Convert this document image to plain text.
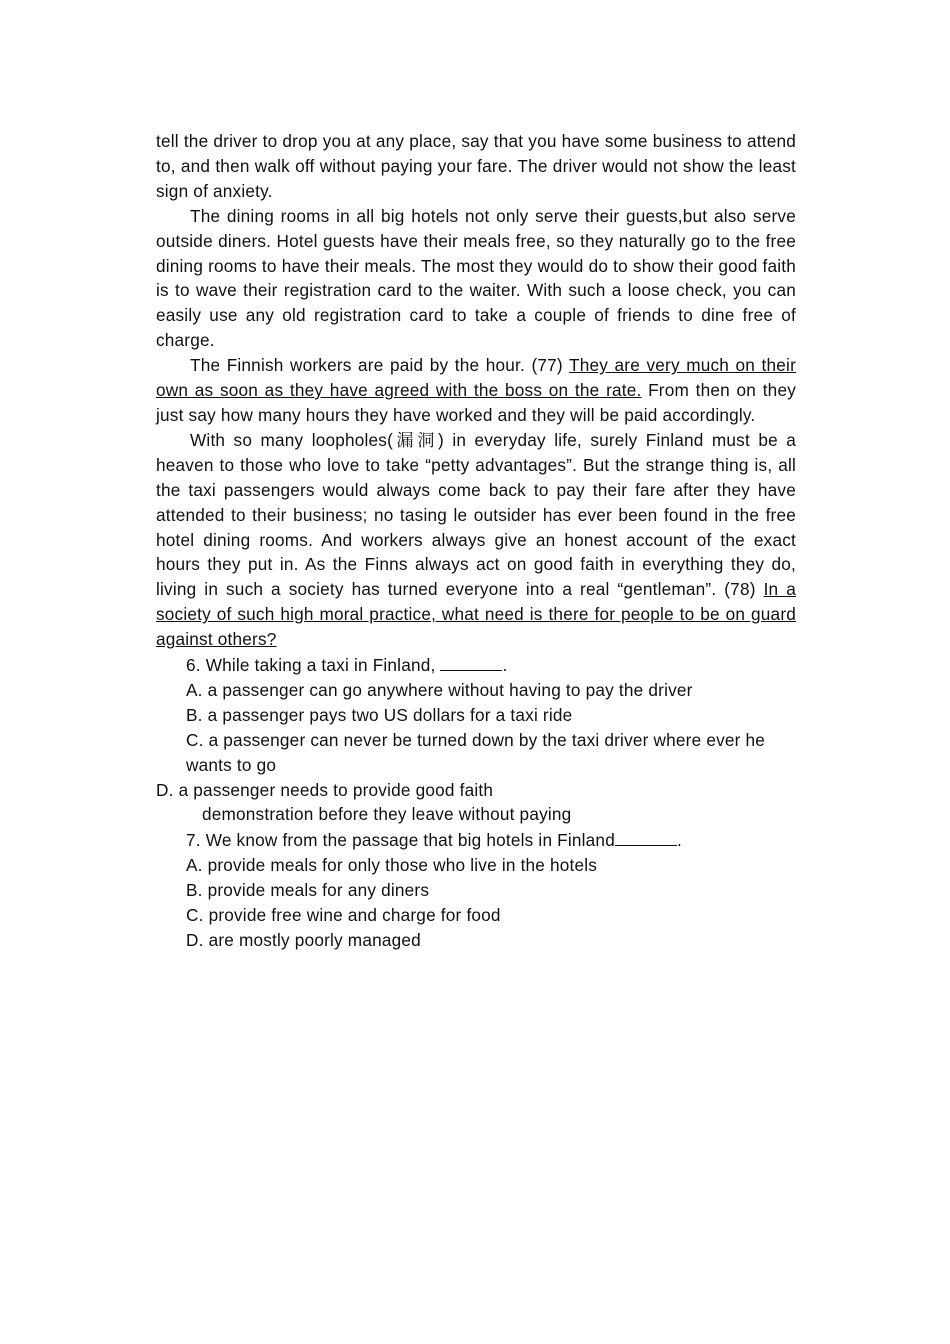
tell the driver to drop you at any place, say that you have some business to attend to, and then walk off without paying your fare. The driver would not show the least sign of anxiety.

The dining rooms in all big hotels not only serve their guests,but also serve outside diners. Hotel guests have their meals free, so they naturally go to the free dining rooms to have their meals. The most they would do to show their good faith is to wave their registration card to the waiter. With such a loose check, you can easily use any old registration card to take a couple of friends to dine free of charge.

The Finnish workers are paid by the hour. (77) They are very much on their own as soon as they have agreed with the boss on the rate. From then on they just say how many hours they have worked and they will be paid accordingly.

With so many loopholes(漏洞) in everyday life, surely Finland must be a heaven to those who love to take “petty advantages”. But the strange thing is, all the taxi passengers would always come back to pay their fare after they have attended to their business; no tasing le outsider has ever been found in the free hotel dining rooms. And workers always give an honest account of the exact hours they put in. As the Finns always act on good faith in everything they do, living in such a society has turned everyone into a real “gentleman”. (78) In a society of such high moral practice, what need is there for people to be on guard against others?

6. While taking a taxi in Finland,	.

A. a passenger can go anywhere without having to pay the driver

B. a passenger pays two US dollars for a taxi ride

C. a passenger can never be turned down by the taxi driver where ever he wants to go

D. a passenger needs to provide good faith

demonstration before they leave without paying

7. We know from the passage that big hotels in Finland	.

A. provide meals for only those who live in the hotels

B. provide meals for any diners

C. provide free wine and charge for food

D. are mostly poorly managed
